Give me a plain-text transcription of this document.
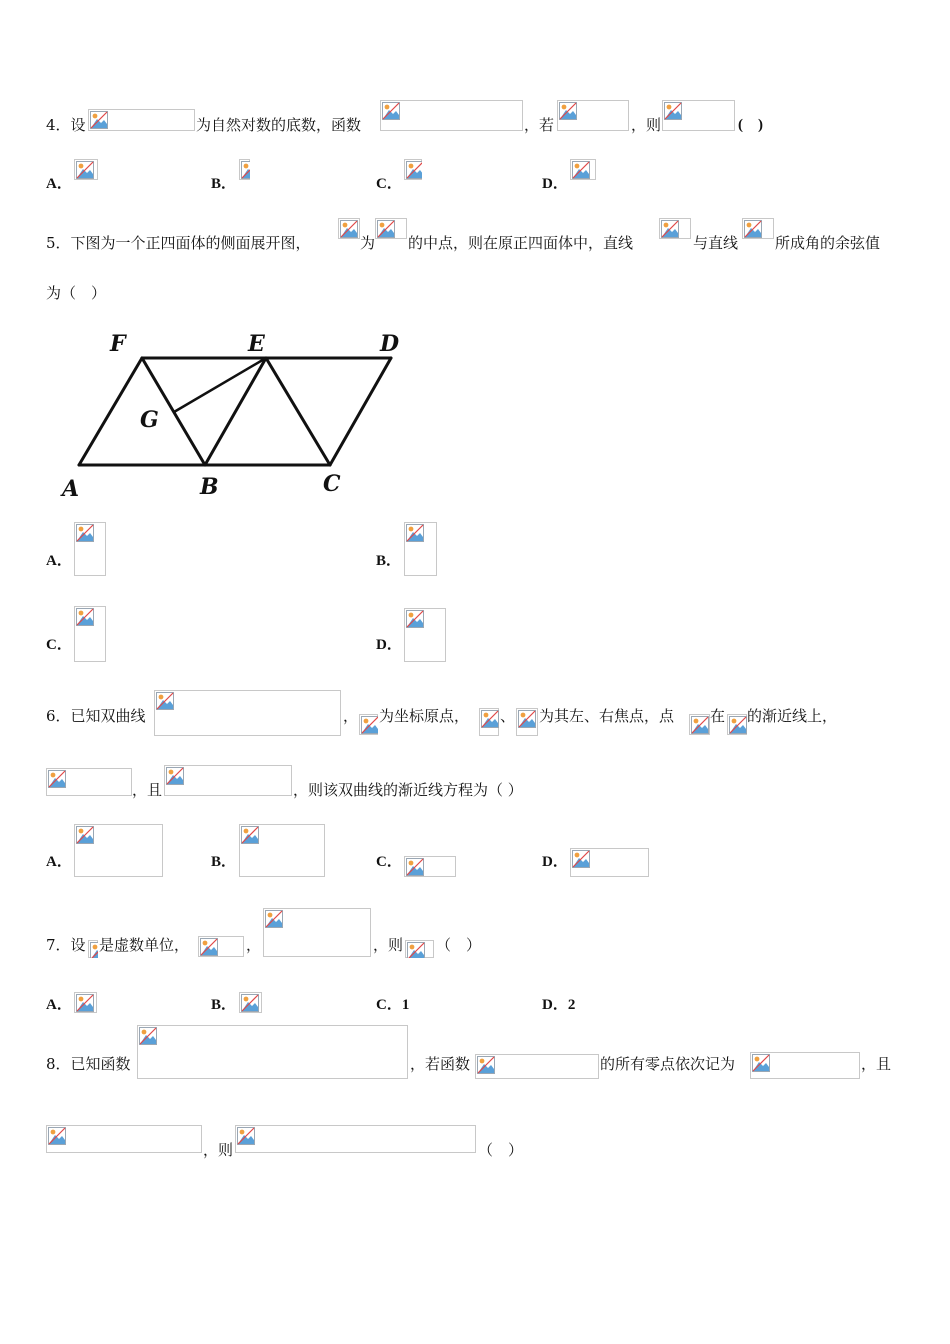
4．设	为自然对数的底数，函数	，若	，则	(　)
A．	B．	C．	D．
5．下图为一个正四面体的侧面展开图，	为 的中点，则在原正四面体中，直线	与直线 所成角的余弦值
为（　）
F	E	D
G
A	B	C
A．	B．
C．	D．
6．已知双曲线	， 为坐标原点， 、 为其左、右焦点，点 在 的渐近线上，
，且	，则该双曲线的渐近线方程为（ ）
A．	B．	C．	D．
7．设 是虚数单位，	，	，则 （　）
A．	B．	C．1	D．2
8．已知函数	，若函数	的所有零点依次记为	，且
，则	（　）
